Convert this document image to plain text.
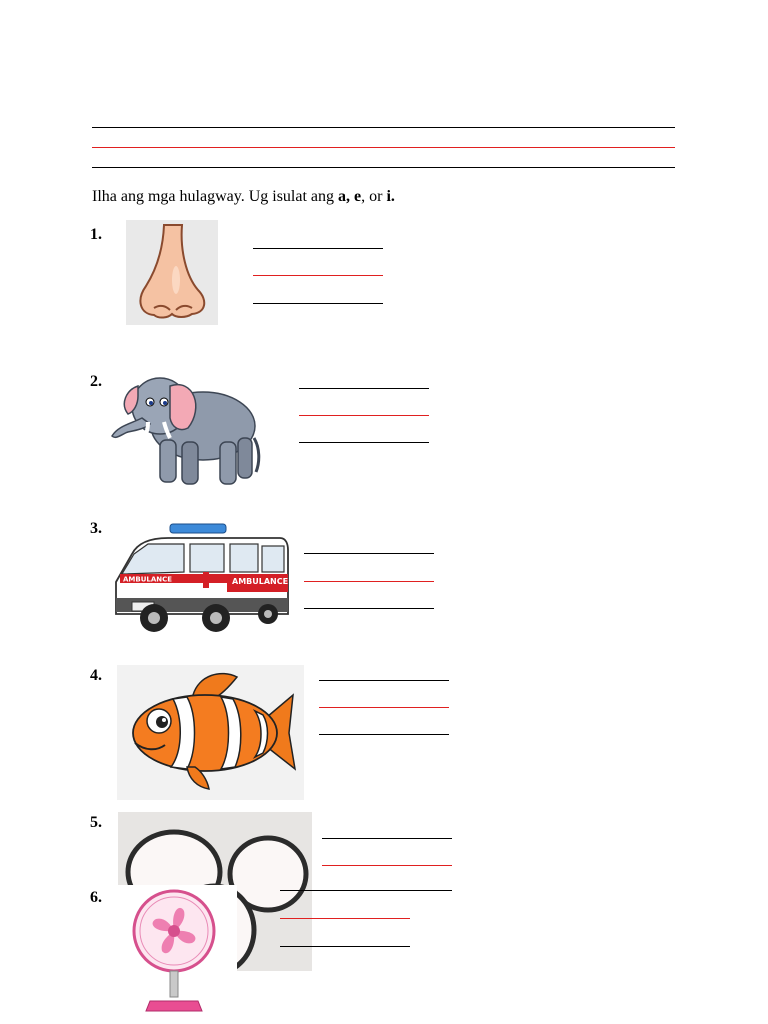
Ilha ang mga hulagway. Ug isulat ang a, e, or i.
1.
2.
3.
AMBULANCE	AMBULANCE
4.
5.
6.
